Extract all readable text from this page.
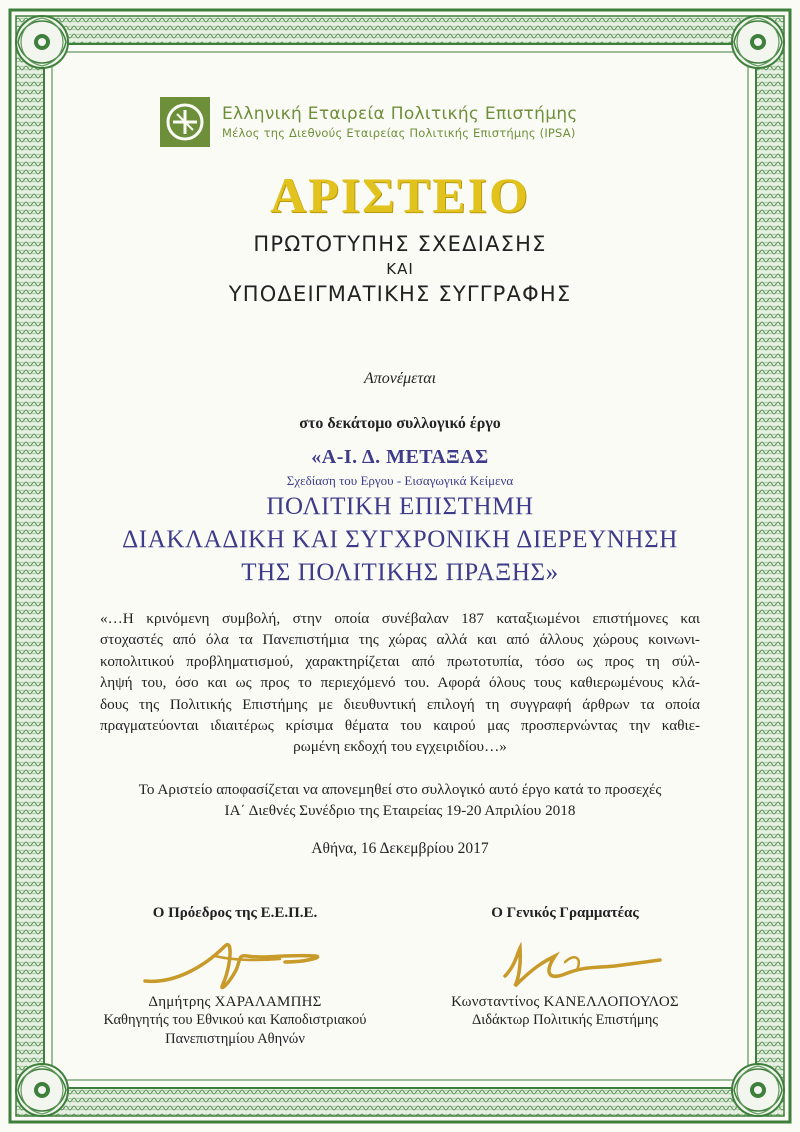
Ελληνική Εταιρεία Πολιτικής Επιστήμης
Μέλος της Διεθνούς Εταιρείας Πολιτικής Επιστήμης (IPSA)
ΑΡΙΣΤΕΙΟ
ΠΡΩΤΟΤΥΠΗΣ ΣΧΕΔΙΑΣΗΣ
ΚΑΙ
ΥΠΟΔΕΙΓΜΑΤΙΚΗΣ ΣΥΓΓΡΑΦΗΣ
Απονέμεται
στο δεκάτομο συλλογικό έργο
«Α-Ι. Δ. ΜΕΤΑΞΑΣ
Σχεδίαση του Εργου - Εισαγωγικά Κείμενα
ΠΟΛΙΤΙΚΗ ΕΠΙΣΤΗΜΗ
ΔΙΑΚΛΑΔΙΚΗ ΚΑΙ ΣΥΓΧΡΟΝΙΚΗ ΔΙΕΡΕΥΝΗΣΗ
ΤΗΣ ΠΟΛΙΤΙΚΗΣ ΠΡΑΞΗΣ»
«…Η κρινόμενη συμβολή, στην οποία συνέβαλαν 187 καταξιωμένοι επιστήμονες και
στοχαστές από όλα τα Πανεπιστήμια της χώρας αλλά και από άλλους χώρους κοινωνι-
κοπολιτικού προβληματισμού, χαρακτηρίζεται από πρωτοτυπία, τόσο ως προς τη σύλ-
ληψή του, όσο και ως προς το περιεχόμενό του. Αφορά όλους τους καθιερωμένους κλά-
δους της Πολιτικής Επιστήμης με διευθυντική επιλογή τη συγγραφή άρθρων τα οποία
πραγματεύονται ιδιαιτέρως κρίσιμα θέματα του καιρού μας προσπερνώντας την καθιε-
ρωμένη εκδοχή του εγχειριδίου…»
Το Αριστείο αποφασίζεται να απονεμηθεί στο συλλογικό αυτό έργο κατά το προσεχές
ΙΑ΄ Διεθνές Συνέδριο της Εταιρείας 19-20 Απριλίου 2018
Αθήνα, 16 Δεκεμβρίου 2017
Ο Πρόεδρος της Ε.Ε.Π.Ε.
Δημήτρης ΧΑΡΑΛΑΜΠΗΣ
Καθηγητής του Εθνικού και Καποδιστριακού
Πανεπιστημίου Αθηνών
Ο Γενικός Γραμματέας
Κωνσταντίνος ΚΑΝΕΛΛΟΠΟΥΛΟΣ
Διδάκτωρ Πολιτικής Επιστήμης
